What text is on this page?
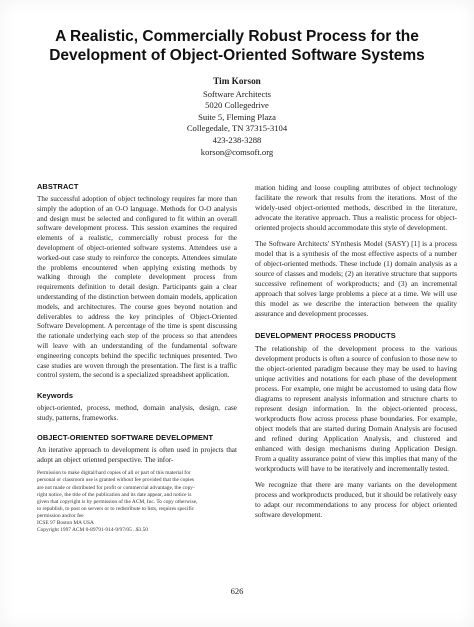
A Realistic, Commercially Robust Process for the
Development of Object-Oriented Software Systems
Tim Korson
Software Architects
5020 Collegedrive
Suite 5, Fleming Plaza
Collegedale, TN 37315-3104
423-238-3288
korson@comsoft.org
ABSTRACT

The successful adoption of object technology requires far more than simply the adoption of an O-O language. Methods for O-O analysis and design must be selected and configured to fit within an overall software development process. This session examines the required elements of a realistic, commercially robust process for the development of object-oriented software systems. Attendees use a worked-out case study to reinforce the concepts. Attendees simulate the problems encountered when applying existing methods by walking through the complete development process from requirements definition to detail design. Participants gain a clear understanding of the distinction between domain models, application models, and architectures. The course goes beyond notation and deliverables to address the key principles of Object-Oriented Software Development. A percentage of the time is spent discussing the rationale underlying each step of the process so that attendees will leave with an understanding of the fundamental software engineering concepts behind the specific techniques presented. Two case studies are woven through the presentation. The first is a traffic control system, the second is a specialized spreadsheet application.

Keywords

object-oriented, process, method, domain analysis, design, case study, patterns, frameworks.

OBJECT-ORIENTED SOFTWARE DEVELOPMENT

An iterative approach to development is often used in projects that adopt an object oriented perspective. The infor-

Permission to make digital/hard copies of all or part of this material for
personal or classroom use is granted without fee provided that the copies
are not made or distributed for profit or commercial advantage, the copy-
right notice, the title of the publication and its date appear, and notice is
given that copyright is by permission of the ACM, Inc. To copy otherwise,
to republish, to post on servers or to redistribute to lists, requires specific
permission and/or fee
ICSE 97 Boston MA USA
Copyright 1997 ACM 0-89791-914-9/97/05 ..$3.50

mation hiding and loose coupling attributes of object technology facilitate the rework that results from the iterations. Most of the widely-used object-oriented methods, described in the literature, advocate the iterative approach. Thus a realistic process for object-oriented projects should accommodate this style of development.

The Software Architects' SYnthesis Model (SASY) [1] is a process model that is a synthesis of the most effective aspects of a number of object-oriented methods. These include (1) domain analysis as a source of classes and models; (2) an iterative structure that supports successive refinement of workproducts; and (3) an incremental approach that solves large problems a piece at a time. We will use this model as we describe the interaction between the quality assurance and development processes.

DEVELOPMENT PROCESS PRODUCTS

The relationship of the development process to the various development products is often a source of confusion to those new to the object-oriented paradigm because they may be used to having unique activities and notations for each phase of the development process. For example, one might be accustomed to using data flow diagrams to represent analysis information and structure charts to represent design information. In the object-oriented process, workproducts flow across process phase boundaries. For example, object models that are started during Domain Analysis are focused and refined during Application Analysis, and clustered and enhanced with design mechanisms during Application Design. From a quality assurance point of view this implies that many of the workproducts will have to be iteratively and incrementally tested.

We recognize that there are many variants on the development process and workproducts produced, but it should be relatively easy to adapt our recommendations to any process for object oriented software development.

626
